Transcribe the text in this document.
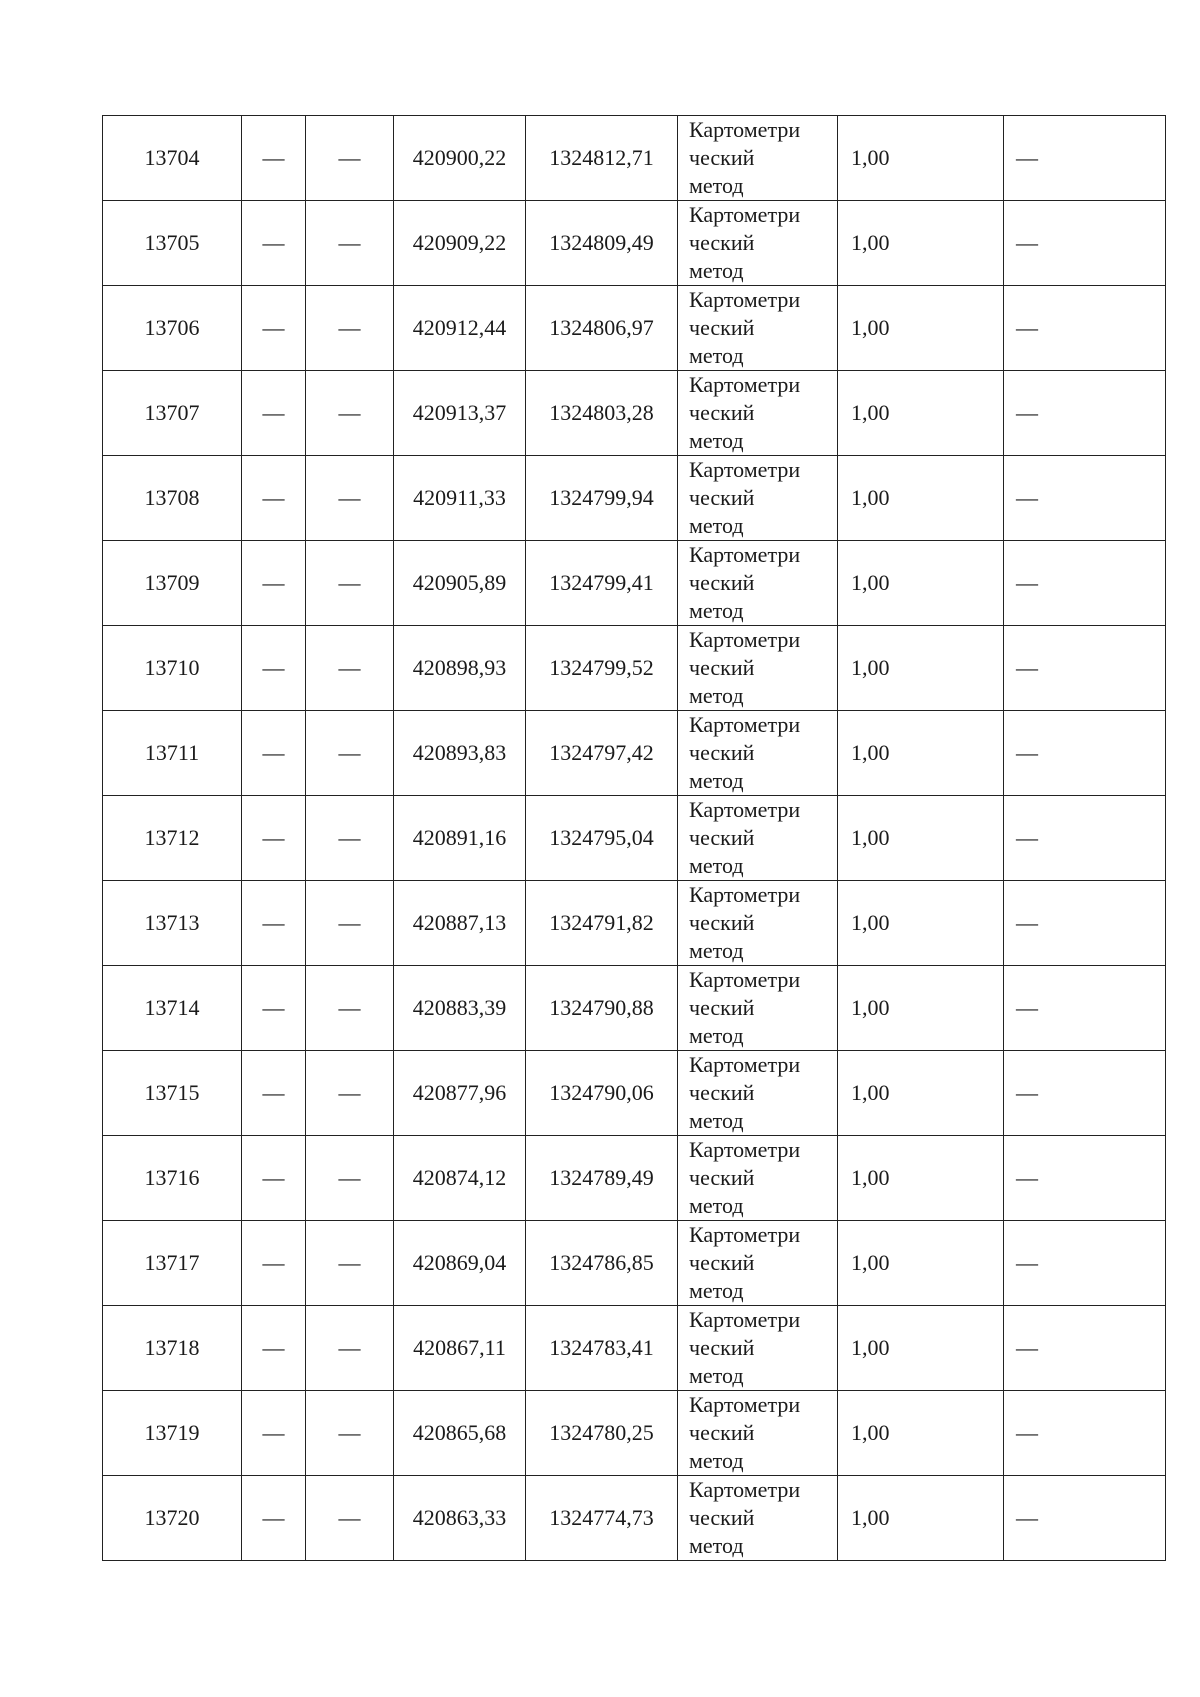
13704	—	—	420900,22	1324812,71	Картометри
ческий
метод	1,00	—
13705	—	—	420909,22	1324809,49	Картометри
ческий
метод	1,00	—
13706	—	—	420912,44	1324806,97	Картометри
ческий
метод	1,00	—
13707	—	—	420913,37	1324803,28	Картометри
ческий
метод	1,00	—
13708	—	—	420911,33	1324799,94	Картометри
ческий
метод	1,00	—
13709	—	—	420905,89	1324799,41	Картометри
ческий
метод	1,00	—
13710	—	—	420898,93	1324799,52	Картометри
ческий
метод	1,00	—
13711	—	—	420893,83	1324797,42	Картометри
ческий
метод	1,00	—
13712	—	—	420891,16	1324795,04	Картометри
ческий
метод	1,00	—
13713	—	—	420887,13	1324791,82	Картометри
ческий
метод	1,00	—
13714	—	—	420883,39	1324790,88	Картометри
ческий
метод	1,00	—
13715	—	—	420877,96	1324790,06	Картометри
ческий
метод	1,00	—
13716	—	—	420874,12	1324789,49	Картометри
ческий
метод	1,00	—
13717	—	—	420869,04	1324786,85	Картометри
ческий
метод	1,00	—
13718	—	—	420867,11	1324783,41	Картометри
ческий
метод	1,00	—
13719	—	—	420865,68	1324780,25	Картометри
ческий
метод	1,00	—
13720	—	—	420863,33	1324774,73	Картометри
ческий
метод	1,00	—
